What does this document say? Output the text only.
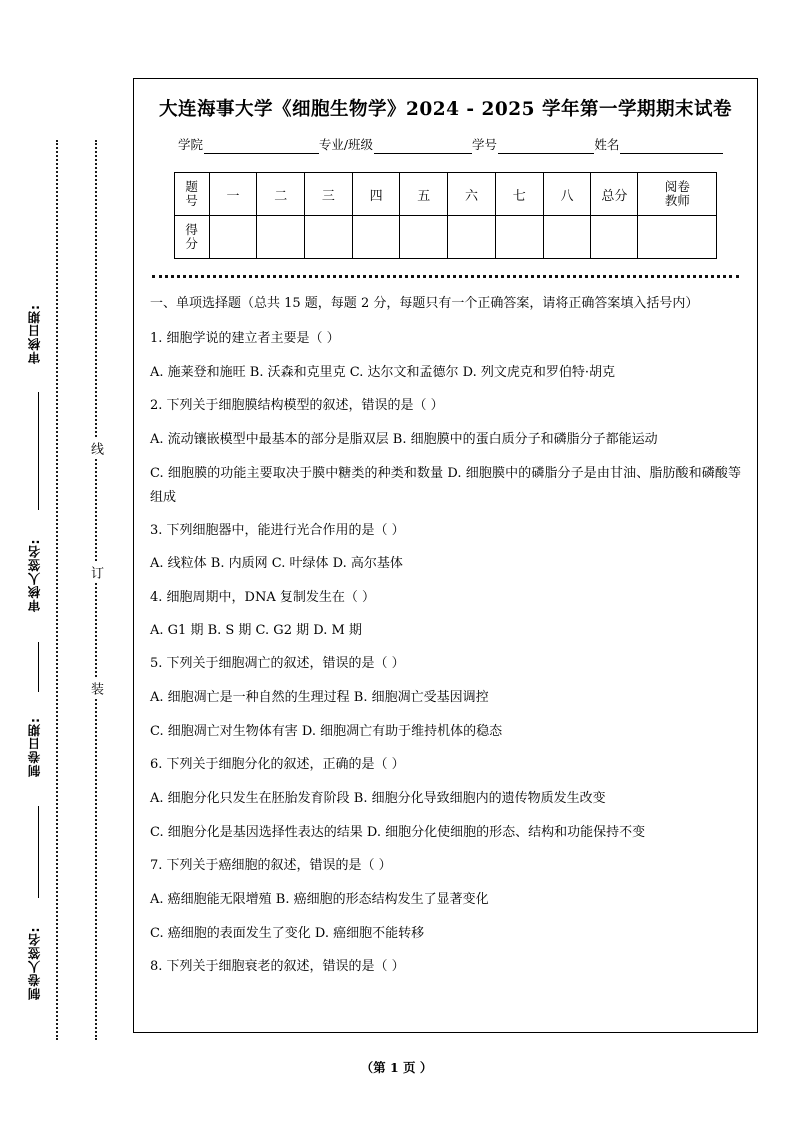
审核日期:
审核人签名:
制卷日期:
制卷人签名:
线
订
装
大连海事大学《细胞生物学》2024 - 2025 学年第一学期期末试卷
学院	专业/班级	学号	姓名
题
号	一	二	三	四	五	六	七	八	总分	阅卷
教师

得
分										

一、单项选择题（总共 15 题，每题 2 分，每题只有一个正确答案，请将正确答案填入括号内）
1. 细胞学说的建立者主要是（ ）
A. 施莱登和施旺 B. 沃森和克里克 C. 达尔文和孟德尔 D. 列文虎克和罗伯特·胡克
2. 下列关于细胞膜结构模型的叙述，错误的是（ ）
A. 流动镶嵌模型中最基本的部分是脂双层 B. 细胞膜中的蛋白质分子和磷脂分子都能运动
C. 细胞膜的功能主要取决于膜中糖类的种类和数量 D. 细胞膜中的磷脂分子是由甘油、脂肪酸和磷酸等组成
3. 下列细胞器中，能进行光合作用的是（ ）
A. 线粒体 B. 内质网 C. 叶绿体 D. 高尔基体
4. 细胞周期中，DNA 复制发生在（ ）
A. G1 期 B. S 期 C. G2 期 D. M 期
5. 下列关于细胞凋亡的叙述，错误的是（ ）
A. 细胞凋亡是一种自然的生理过程 B. 细胞凋亡受基因调控
C. 细胞凋亡对生物体有害 D. 细胞凋亡有助于维持机体的稳态
6. 下列关于细胞分化的叙述，正确的是（ ）
A. 细胞分化只发生在胚胎发育阶段 B. 细胞分化导致细胞内的遗传物质发生改变
C. 细胞分化是基因选择性表达的结果 D. 细胞分化使细胞的形态、结构和功能保持不变
7. 下列关于癌细胞的叙述，错误的是（ ）
A. 癌细胞能无限增殖 B. 癌细胞的形态结构发生了显著变化
C. 癌细胞的表面发生了变化 D. 癌细胞不能转移
8. 下列关于细胞衰老的叙述，错误的是（ ）
（第 1 页 ）
